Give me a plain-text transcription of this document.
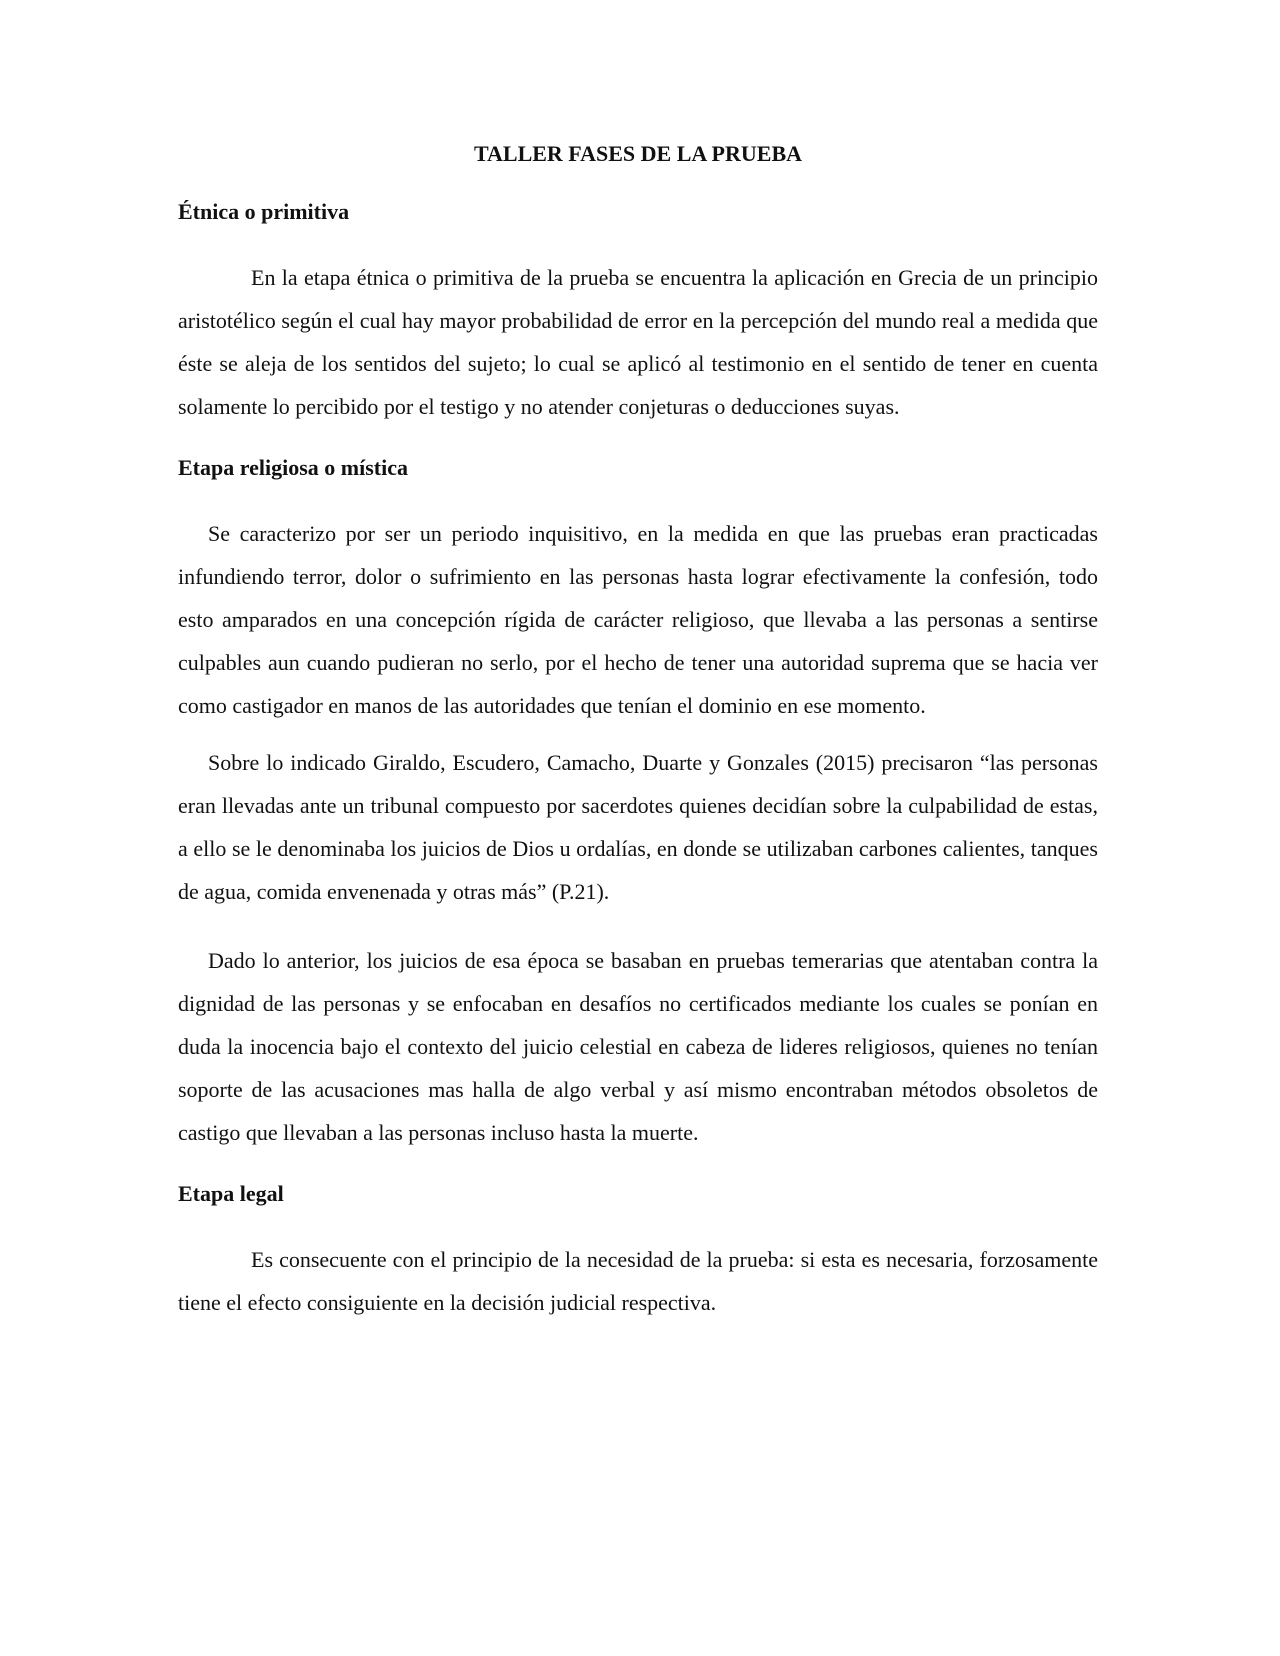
TALLER FASES DE LA PRUEBA
Étnica o primitiva

En la etapa étnica o primitiva de la prueba se encuentra la aplicación en Grecia de un principio aristotélico según el cual hay mayor probabilidad de error en la percepción del mundo real a medida que éste se aleja de los sentidos del sujeto; lo cual se aplicó al testimonio en el sentido de tener en cuenta solamente lo percibido por el testigo y no atender conjeturas o deducciones suyas.

Etapa religiosa o mística

Se caracterizo por ser un periodo inquisitivo, en la medida en que las pruebas eran practicadas infundiendo terror, dolor o sufrimiento en las personas hasta lograr efectivamente la confesión, todo esto amparados en una concepción rígida de carácter religioso, que llevaba a las personas a sentirse culpables aun cuando pudieran no serlo, por el hecho de tener una autoridad suprema que se hacia ver como castigador en manos de las autoridades que tenían el dominio en ese momento.

Sobre lo indicado Giraldo, Escudero, Camacho, Duarte y Gonzales (2015) precisaron “las personas eran llevadas ante un tribunal compuesto por sacerdotes quienes decidían sobre la culpabilidad de estas, a ello se le denominaba los juicios de Dios u ordalías, en donde se utilizaban carbones calientes, tanques de agua, comida envenenada y otras más” (P.21).

Dado lo anterior, los juicios de esa época se basaban en pruebas temerarias que atentaban contra la dignidad de las personas y se enfocaban en desafíos no certificados mediante los cuales se ponían en duda la inocencia bajo el contexto del juicio celestial en cabeza de lideres religiosos, quienes no tenían soporte de las acusaciones mas halla de algo verbal y así mismo encontraban métodos obsoletos de castigo que llevaban a las personas incluso hasta la muerte.

Etapa legal

Es consecuente con el principio de la necesidad de la prueba: si esta es necesaria, forzosamente tiene el efecto consiguiente en la decisión judicial respectiva.
